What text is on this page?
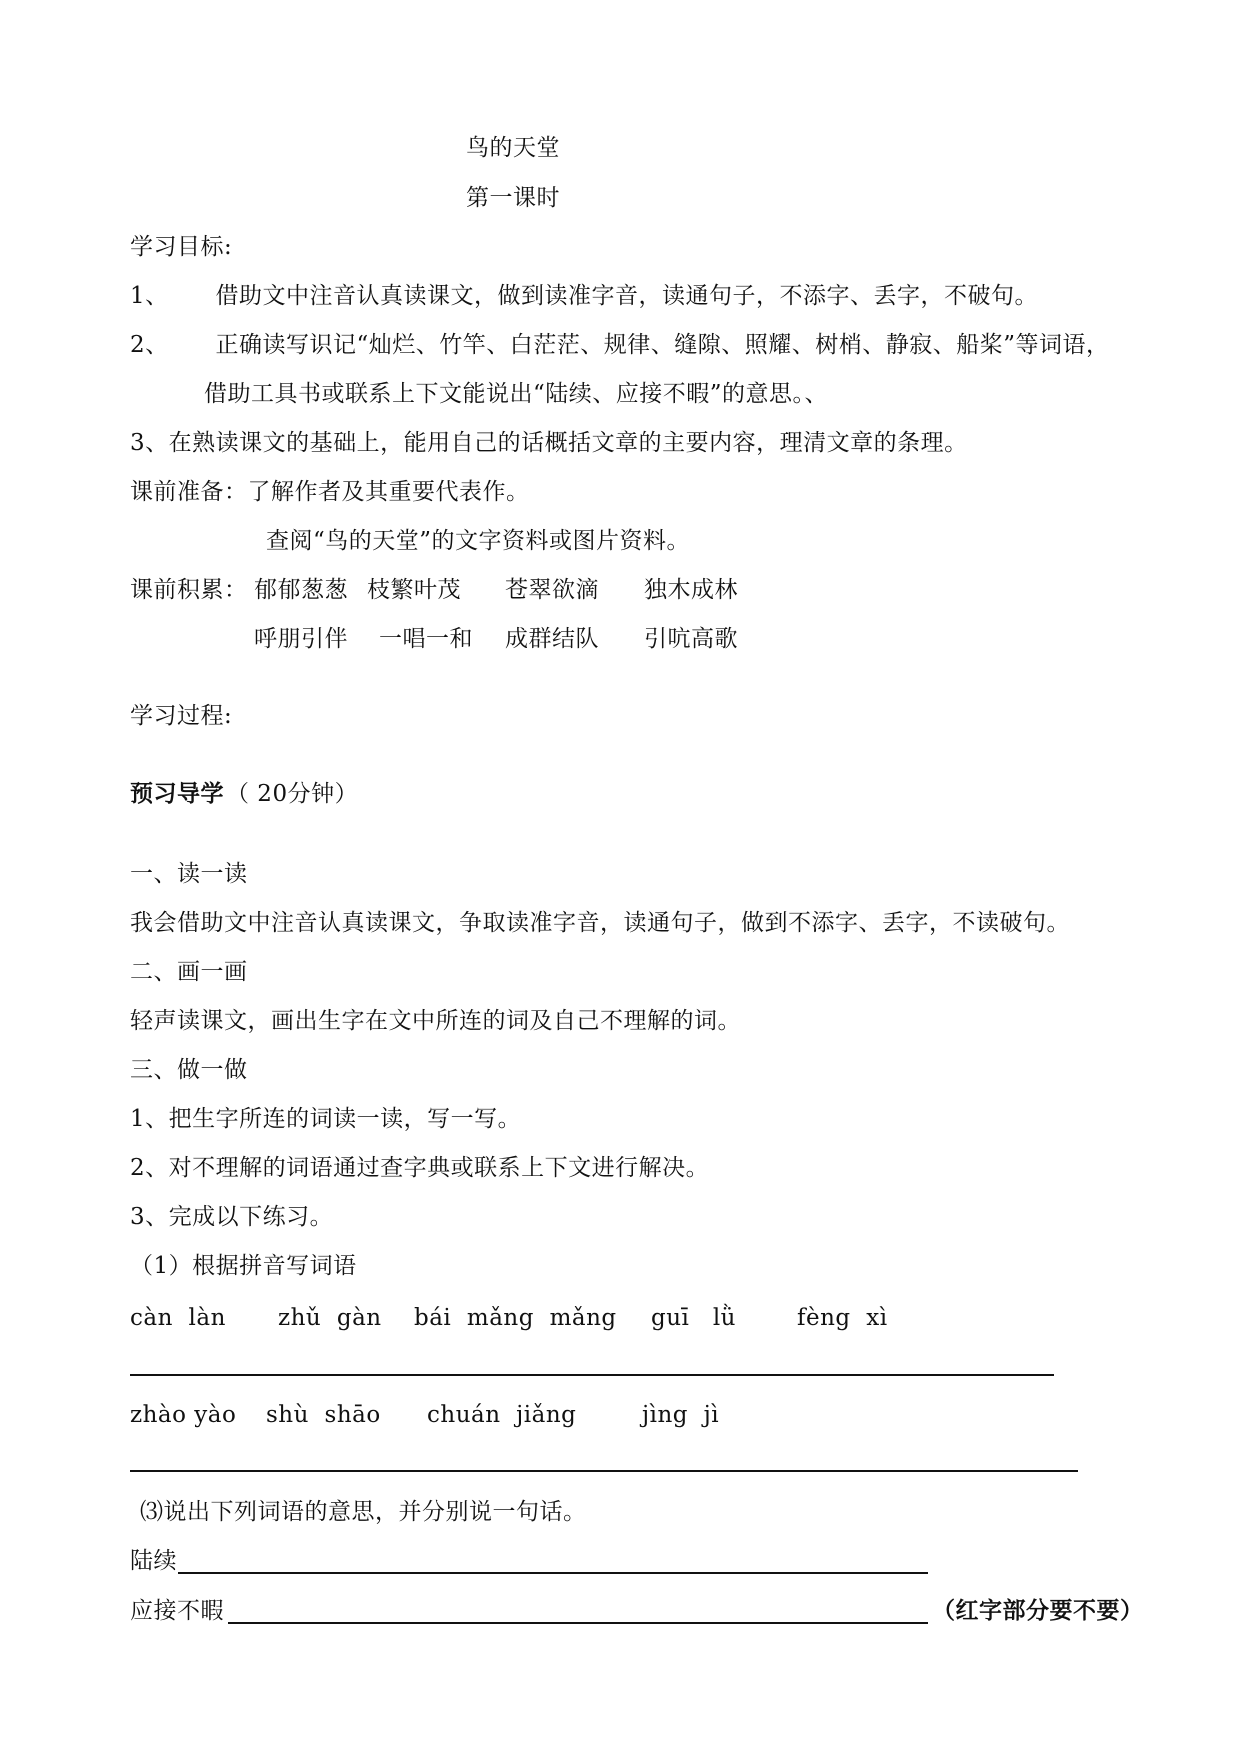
鸟的天堂
第一课时
学习目标:
1、      借助文中注音认真读课文，做到读准字音，读通句子，不添字、丢字，不破句。
2、      正确读写识记“灿烂、竹竿、白茫茫、规律、缝隙、照耀、树梢、静寂、船桨”等词语，
借助工具书或联系上下文能说出“陆续、应接不暇”的意思。、
3、在熟读课文的基础上，能用自己的话概括文章的主要内容，理清文章的条理。
课前准备：了解作者及其重要代表作。
查阅“鸟的天堂”的文字资料或图片资料。
课前积累： 郁郁葱葱 枝繁叶茂 苍翠欲滴 独木成林
呼朋引伴 一唱一和 成群结队 引吭高歌
学习过程:
预习导学 （ 20分钟）
一、读一读
我会借助文中注音认真读课文，争取读准字音，读通句子，做到不添字、丢字，不读破句。
二、画一画
轻声读课文，画出生字在文中所连的词及自己不理解的词。
三、做一做
1、把生字所连的词读一读，写一写。
2、对不理解的词语通过查字典或联系上下文进行解决。
3、完成以下练习。
（1）根据拼音写词语
càn  làn zhǔ  gàn bái  mǎng  mǎng guī   lǜ	fèng  xì
zhào yào shù  shāo chuán  jiǎng	jìng  jì
⑶说出下列词语的意思，并分别说一句话。
陆续
应接不暇	（红字部分要不要）
